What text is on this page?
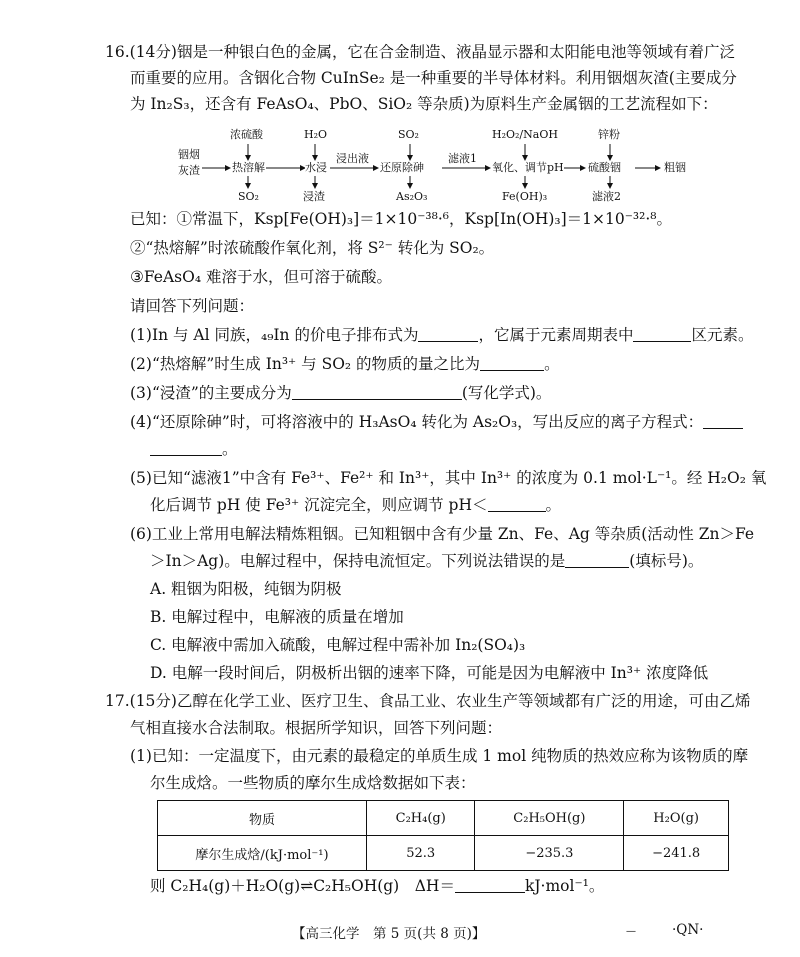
16.(14分)铟是一种银白色的金属，它在合金制造、液晶显示器和太阳能电池等领域有着广泛
而重要的应用。含铟化合物 CuInSe₂ 是一种重要的半导体材料。利用铟烟灰渣(主要成分
为 In₂S₃，还含有 FeAsO₄、PbO、SiO₂ 等杂质)为原料生产金属铟的工艺流程如下：
铟烟
灰渣
浓硫酸
热溶解
SO₂
H₂O
水浸
浸渣
浸出液
SO₂
还原除砷
As₂O₃
滤液1
H₂O₂/NaOH
氧化、调节pH
Fe(OH)₃
锌粉
硫酸铟
滤液2
粗铟
已知：①常温下，Ksp[Fe(OH)₃]＝1×10⁻³⁸·⁶，Ksp[In(OH)₃]＝1×10⁻³²·⁸。
②“热熔解”时浓硫酸作氧化剂，将 S²⁻ 转化为 SO₂。
③FeAsO₄ 难溶于水，但可溶于硫酸。
请回答下列问题：
(1)In 与 Al 同族，₄₉In 的价电子排布式为	，它属于元素周期表中	区元素。
(2)“热熔解”时生成 In³⁺ 与 SO₂ 的物质的量之比为	。
(3)“浸渣”的主要成分为	(写化学式)。
(4)“还原除砷”时，可将溶液中的 H₃AsO₄ 转化为 As₂O₃，写出反应的离子方程式：
。
(5)已知“滤液1”中含有 Fe³⁺、Fe²⁺ 和 In³⁺，其中 In³⁺ 的浓度为 0.1 mol·L⁻¹。经 H₂O₂ 氧
化后调节 pH 使 Fe³⁺ 沉淀完全，则应调节 pH＜	。
(6)工业上常用电解法精炼粗铟。已知粗铟中含有少量 Zn、Fe、Ag 等杂质(活动性 Zn＞Fe
＞In＞Ag)。电解过程中，保持电流恒定。下列说法错误的是	(填标号)。
A. 粗铟为阳极，纯铟为阴极
B. 电解过程中，电解液的质量在增加
C. 电解液中需加入硫酸，电解过程中需补加 In₂(SO₄)₃
D. 电解一段时间后，阴极析出铟的速率下降，可能是因为电解液中 In³⁺ 浓度降低
17.(15分)乙醇在化学工业、医疗卫生、食品工业、农业生产等领域都有广泛的用途，可由乙烯
气相直接水合法制取。根据所学知识，回答下列问题：
(1)已知：一定温度下，由元素的最稳定的单质生成 1 mol 纯物质的热效应称为该物质的摩
尔生成焓。一些物质的摩尔生成焓数据如下表：
物质	C₂H₄(g)	C₂H₅OH(g)	H₂O(g)
摩尔生成焓/(kJ·mol⁻¹)	52.3	−235.3	−241.8
则 C₂H₄(g)＋H₂O(g)⇌C₂H₅OH(g)　ΔH＝	kJ·mol⁻¹。
【高三化学　第 5 页(共 8 页)】	—	·QN·
